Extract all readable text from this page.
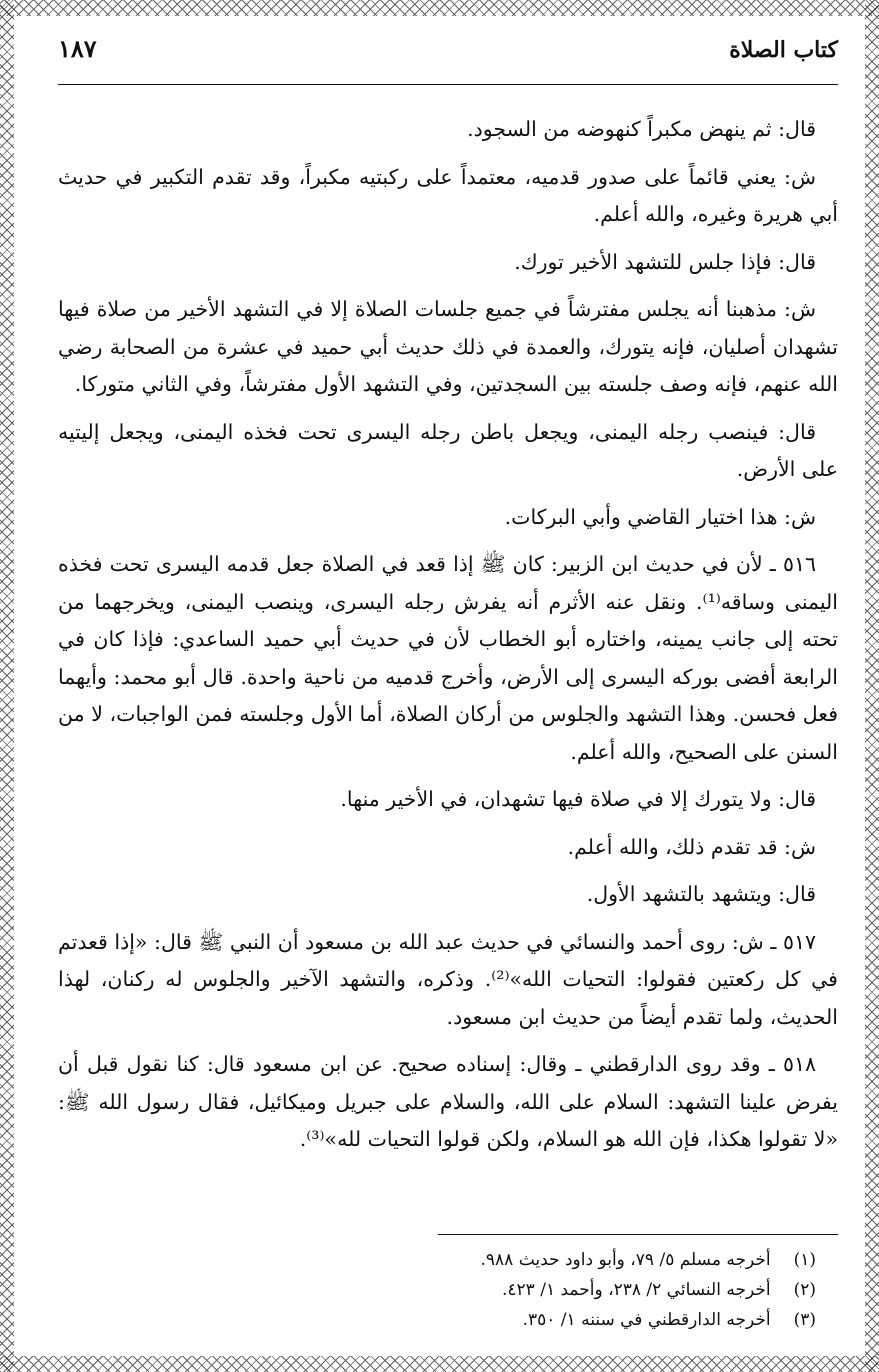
كتاب الصلاة
١٨٧

قال: ثم ينهض مكبراً كنهوضه من السجود.

ش: يعني قائماً على صدور قدميه، معتمداً على ركبتيه مكبراً، وقد تقدم التكبير في حديث أبي هريرة وغيره، والله أعلم.

قال: فإذا جلس للتشهد الأخير تورك.

ش: مذهبنا أنه يجلس مفترشاً في جميع جلسات الصلاة إلا في التشهد الأخير من صلاة فيها تشهدان أصليان، فإنه يتورك، والعمدة في ذلك حديث أبي حميد في عشرة من الصحابة رضي الله عنهم، فإنه وصف جلسته بين السجدتين، وفي التشهد الأول مفترشاً، وفي الثاني متوركا.

قال: فينصب رجله اليمنى، ويجعل باطن رجله اليسرى تحت فخذه اليمنى، ويجعل إليتيه على الأرض.

ش: هذا اختيار القاضي وأبي البركات.

٥١٦ ـ لأن في حديث ابن الزبير: كان ﷺ إذا قعد في الصلاة جعل قدمه اليسرى تحت فخذه اليمنى وساقه⁽¹⁾. ونقل عنه الأثرم أنه يفرش رجله اليسرى، وينصب اليمنى، ويخرجهما من تحته إلى جانب يمينه، واختاره أبو الخطاب لأن في حديث أبي حميد الساعدي: فإذا كان في الرابعة أفضى بوركه اليسرى إلى الأرض، وأخرج قدميه من ناحية واحدة. قال أبو محمد: وأيهما فعل فحسن. وهذا التشهد والجلوس من أركان الصلاة، أما الأول وجلسته فمن الواجبات، لا من السنن على الصحيح، والله أعلم.

قال: ولا يتورك إلا في صلاة فيها تشهدان، في الأخير منها.

ش: قد تقدم ذلك، والله أعلم.

قال: ويتشهد بالتشهد الأول.

٥١٧ ـ ش: روى أحمد والنسائي في حديث عبد الله بن مسعود أن النبي ﷺ قال: «إذا قعدتم في كل ركعتين فقولوا: التحيات الله»⁽²⁾. وذكره، والتشهد الآخير والجلوس له ركنان، لهذا الحديث، ولما تقدم أيضاً من حديث ابن مسعود.

٥١٨ ـ وقد روى الدارقطني ـ وقال: إسناده صحيح. عن ابن مسعود قال: كنا نقول قبل أن يفرض علينا التشهد: السلام على الله، والسلام على جبريل وميكائيل، فقال رسول الله ﷺ: «لا تقولوا هكذا، فإن الله هو السلام، ولكن قولوا التحيات لله»⁽³⁾.

(١) أخرجه مسلم ٥/ ٧٩، وأبو داود حديث ٩٨٨.
(٢) أخرجه النسائي ٢/ ٢٣٨، وأحمد ١/ ٤٢٣.
(٣) أخرجه الدارقطني في سننه ١/ ٣٥٠.
